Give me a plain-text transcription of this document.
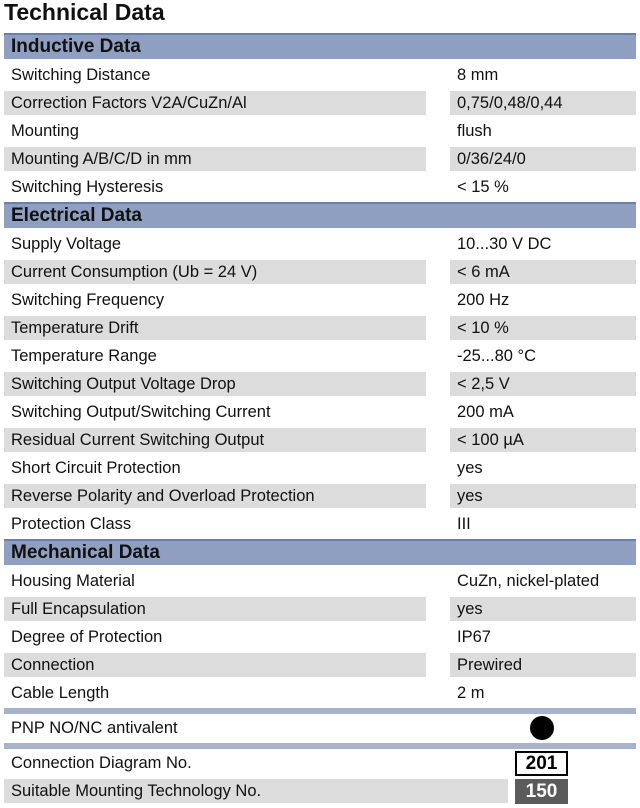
Technical Data
Inductive Data
Switching Distance	8 mm
Correction Factors V2A/CuZn/Al	0,75/0,48/0,44
Mounting	flush
Mounting A/B/C/D in mm	0/36/24/0
Switching Hysteresis	< 15 %
Electrical Data
Supply Voltage	10...30 V DC
Current Consumption (Ub = 24 V)	< 6 mA
Switching Frequency	200 Hz
Temperature Drift	< 10 %
Temperature Range	-25...80 °C
Switching Output Voltage Drop	< 2,5 V
Switching Output/Switching Current	200 mA
Residual Current Switching Output	< 100 µA
Short Circuit Protection	yes
Reverse Polarity and Overload Protection	yes
Protection Class	III
Mechanical Data
Housing Material	CuZn, nickel-plated
Full Encapsulation	yes
Degree of Protection	IP67
Connection	Prewired
Cable Length	2 m
PNP NO/NC antivalent
Connection Diagram No.	201
Suitable Mounting Technology No.	150
